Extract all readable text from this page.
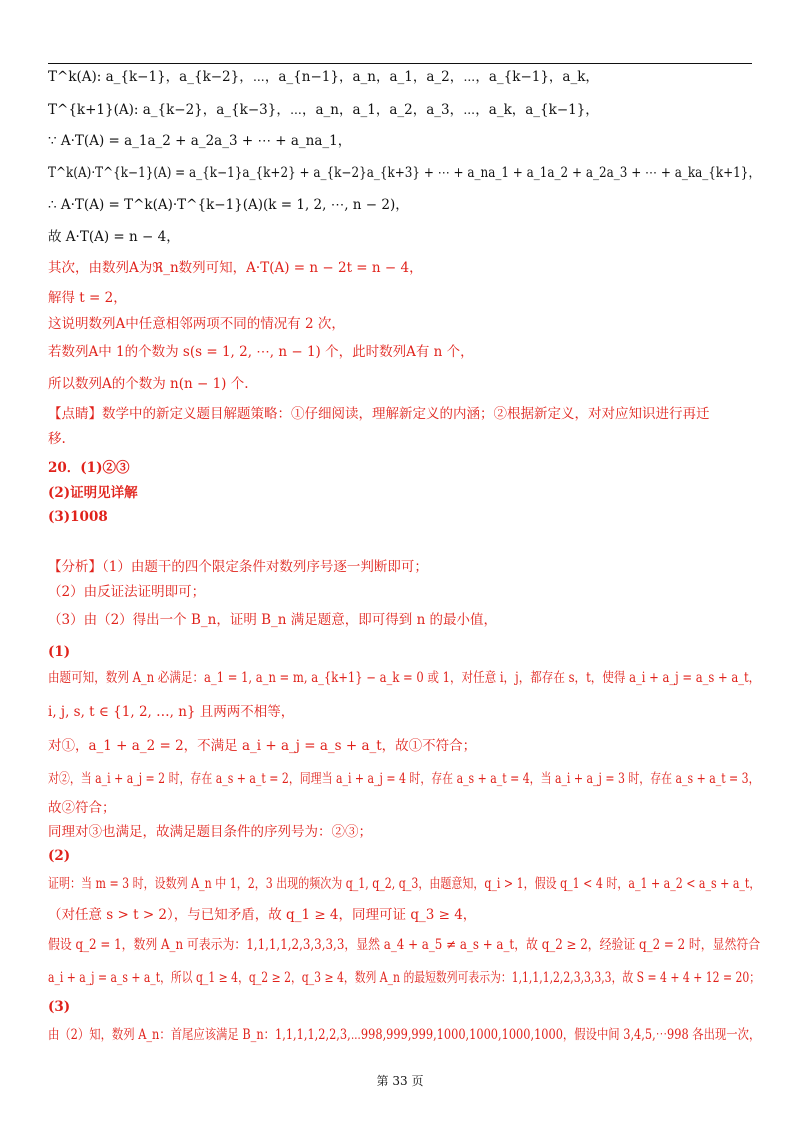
T^k(A): a_{k−1}，a_{k−2}，⋯，a_{n−1}，a_n，a_1，a_2，⋯，a_{k−1}，a_k，
T^{k+1}(A): a_{k−2}，a_{k−3}，⋯，a_n，a_1，a_2，a_3，⋯，a_k，a_{k−1}，
∵ A·T(A) = a_1a_2 + a_2a_3 + ⋯ + a_na_1，
T^k(A)·T^{k−1}(A) = a_{k−1}a_{k+2} + a_{k−2}a_{k+3} + ⋯ + a_na_1 + a_1a_2 + a_2a_3 + ⋯ + a_ka_{k+1}，
∴ A·T(A) = T^k(A)·T^{k−1}(A)(k = 1, 2, ⋯, n − 2)，
故 A·T(A) = n − 4，
其次，由数列A为ℜ_n数列可知，A·T(A) = n − 2t = n − 4，
解得 t = 2，
这说明数列A中任意相邻两项不同的情况有 2 次，
若数列A中 1的个数为 s(s = 1, 2, ⋯, n − 1) 个，此时数列A有 n 个，
所以数列A的个数为 n(n − 1) 个.
【点睛】数学中的新定义题目解题策略：①仔细阅读，理解新定义的内涵；②根据新定义，对对应知识进行再迁
移.
20．(1)②③
(2)证明见详解
(3)1008
【分析】（1）由题干的四个限定条件对数列序号逐一判断即可；
（2）由反证法证明即可；
（3）由（2）得出一个 B_n，证明 B_n 满足题意，即可得到 n 的最小值，
(1)
由题可知，数列 A_n 必满足：a_1 = 1, a_n = m, a_{k+1} − a_k = 0 或 1，对任意 i，j，都存在 s，t，使得 a_i + a_j = a_s + a_t，
i, j, s, t ∈ {1, 2, …, n} 且两两不相等，
对①，a_1 + a_2 = 2，不满足 a_i + a_j = a_s + a_t，故①不符合；
对②，当 a_i + a_j = 2 时，存在 a_s + a_t = 2，同理当 a_i + a_j = 4 时，存在 a_s + a_t = 4，当 a_i + a_j = 3 时，存在 a_s + a_t = 3，
故②符合；
同理对③也满足，故满足题目条件的序列号为：②③；
(2)
证明：当 m = 3 时，设数列 A_n 中 1，2，3 出现的频次为 q_1, q_2, q_3，由题意知，q_i > 1，假设 q_1 < 4 时，a_1 + a_2 < a_s + a_t，
（对任意 s > t > 2），与已知矛盾，故 q_1 ≥ 4，同理可证 q_3 ≥ 4，
假设 q_2 = 1，数列 A_n 可表示为：1,1,1,1,2,3,3,3,3，显然 a_4 + a_5 ≠ a_s + a_t，故 q_2 ≥ 2，经验证 q_2 = 2 时，显然符合
a_i + a_j = a_s + a_t，所以 q_1 ≥ 4，q_2 ≥ 2，q_3 ≥ 4，数列 A_n 的最短数列可表示为：1,1,1,1,2,2,3,3,3,3，故 S = 4 + 4 + 12 = 20；
(3)
由（2）知，数列 A_n：首尾应该满足 B_n：1,1,1,1,2,2,3,⋯998,999,999,1000,1000,1000,1000，假设中间 3,4,5,⋯998 各出现一次，
第 33 页
